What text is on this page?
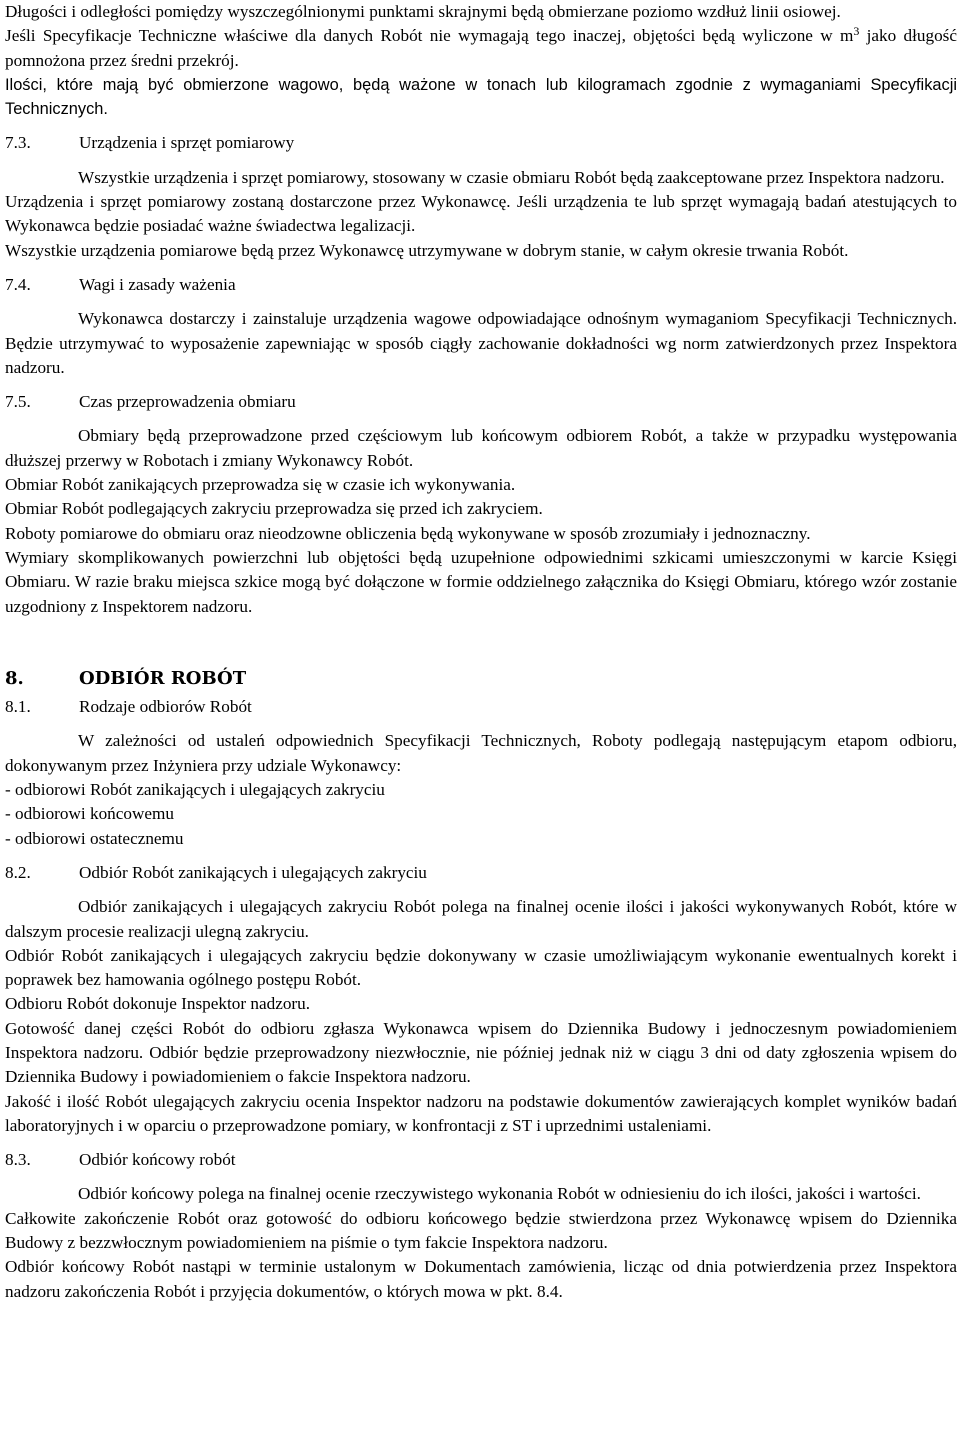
Długości i odległości pomiędzy wyszczególnionymi punktami skrajnymi będą obmierzane poziomo wzdłuż linii osiowej.

Jeśli Specyfikacje Techniczne właściwe dla danych Robót nie wymagają tego inaczej, objętości będą wyliczone w $m^3$ jako długość pomnożona przez średni przekrój.

Ilości, które mają być obmierzone wagowo, będą ważone w tonach lub kilogramach zgodnie z wymaganiami Specyfikacji Technicznych.

7.3.	Urządzenia i sprzęt pomiarowy

Wszystkie urządzenia i sprzęt pomiarowy, stosowany w czasie obmiaru Robót będą zaakceptowane przez Inspektora nadzoru.

Urządzenia i sprzęt pomiarowy zostaną dostarczone przez Wykonawcę. Jeśli urządzenia te lub sprzęt wymagają badań atestujących to Wykonawca będzie posiadać ważne świadectwa legalizacji.

Wszystkie urządzenia pomiarowe będą przez Wykonawcę utrzymywane w dobrym stanie, w całym okresie trwania Robót.

7.4.	Wagi i zasady ważenia

Wykonawca dostarczy i zainstaluje urządzenia wagowe odpowiadające odnośnym wymaganiom Specyfikacji Technicznych. Będzie utrzymywać to wyposażenie zapewniając w sposób ciągły zachowanie dokładności wg norm zatwierdzonych przez Inspektora nadzoru.

7.5.	Czas przeprowadzenia obmiaru

Obmiary będą przeprowadzone przed częściowym lub końcowym odbiorem Robót, a także w przypadku występowania dłuższej przerwy w Robotach i zmiany Wykonawcy Robót.

Obmiar Robót zanikających przeprowadza się w czasie ich wykonywania.

Obmiar Robót podlegających zakryciu przeprowadza się przed ich zakryciem.

Roboty pomiarowe do obmiaru oraz nieodzowne obliczenia będą wykonywane w sposób zrozumiały i jednoznaczny.

Wymiary skomplikowanych powierzchni lub objętości będą uzupełnione odpowiednimi szkicami umieszczonymi w karcie Księgi Obmiaru. W razie braku miejsca szkice mogą być dołączone w formie oddzielnego załącznika do Księgi Obmiaru, którego wzór zostanie uzgodniony z Inspektorem nadzoru.

8.	ODBIÓR ROBÓT
8.1.	Rodzaje odbiorów Robót

W zależności od ustaleń odpowiednich Specyfikacji Technicznych, Roboty podlegają następującym etapom odbioru, dokonywanym przez Inżyniera przy udziale Wykonawcy:

- odbiorowi Robót zanikających i ulegających zakryciu

- odbiorowi końcowemu

- odbiorowi ostatecznemu

8.2.	Odbiór Robót zanikających i ulegających zakryciu

Odbiór zanikających i ulegających zakryciu Robót polega na finalnej ocenie ilości i jakości wykonywanych Robót, które w dalszym procesie realizacji ulegną zakryciu.

Odbiór Robót zanikających i ulegających zakryciu będzie dokonywany w czasie umożliwiającym wykonanie ewentualnych korekt i poprawek bez hamowania ogólnego postępu Robót.

Odbioru Robót dokonuje Inspektor nadzoru.

Gotowość danej części Robót do odbioru zgłasza Wykonawca wpisem do Dziennika Budowy i jednoczesnym powiadomieniem Inspektora nadzoru. Odbiór będzie przeprowadzony niezwłocznie, nie później jednak niż w ciągu 3 dni od daty zgłoszenia wpisem do Dziennika Budowy i powiadomieniem o fakcie Inspektora nadzoru.

Jakość i ilość Robót ulegających zakryciu ocenia Inspektor nadzoru na podstawie dokumentów zawierających komplet wyników badań laboratoryjnych i w oparciu o przeprowadzone pomiary, w konfrontacji z ST i uprzednimi ustaleniami.

8.3.	Odbiór końcowy robót

Odbiór końcowy polega na finalnej ocenie rzeczywistego wykonania Robót w odniesieniu do ich ilości, jakości i wartości.

Całkowite zakończenie Robót oraz gotowość do odbioru końcowego będzie stwierdzona przez Wykonawcę wpisem do Dziennika Budowy z bezzwłocznym powiadomieniem na piśmie o tym fakcie Inspektora nadzoru.

Odbiór końcowy Robót nastąpi w terminie ustalonym w Dokumentach zamówienia, licząc od dnia potwierdzenia przez Inspektora nadzoru zakończenia Robót i przyjęcia dokumentów, o których mowa w pkt. 8.4.
